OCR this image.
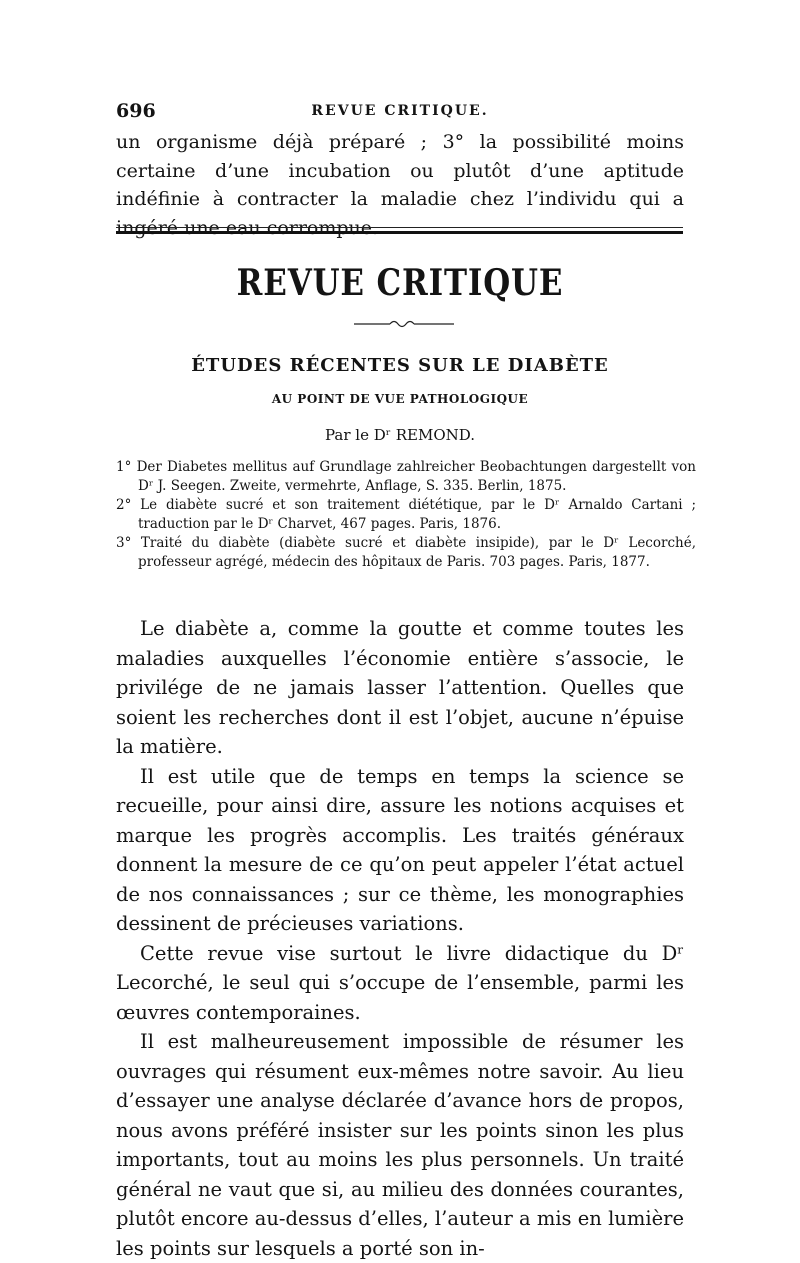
696	REVUE CRITIQUE.

un organisme déjà préparé ; 3° la possibilité moins certaine d’une incubation ou plutôt d’une aptitude indéfinie à contracter la maladie chez l’individu qui a

REVUE CRITIQUE
ÉTUDES RÉCENTES SUR LE DIABÈTE
AU POINT DE VUE PATHOLOGIQUE
Par le Dʳ REMOND.

1° Der Diabetes mellitus auf Grundlage zahlreicher Beobachtungen dargestellt von Dʳ J. Seegen. Zweite, vermehrte, Anflage, S. 335. Berlin, 1875.

2° Le diabète sucré et son traitement diététique, par le Dʳ Arnaldo Cartani ; traduction par le Dʳ Charvet, 467 pages. Paris, 1876.

3° Traité du diabète (diabète sucré et diabète insipide), par le Dʳ Lecorché, professeur agrégé, médecin des hôpitaux de Paris. 703 pages. Paris, 1877.

Le diabète a, comme la goutte et comme toutes les maladies auxquelles l’économie entière s’associe, le privilége de ne jamais lasser l’attention. Quelles que soient les recherches dont il est l’objet, aucune n’épuise la matière.

Il est utile que de temps en temps la science se recueille, pour ainsi dire, assure les notions acquises et marque les progrès accomplis. Les traités généraux donnent la mesure de ce qu’on peut appeler l’état actuel de nos connaissances ; sur ce thème, les monographies dessinent de précieuses variations.

Cette revue vise surtout le livre didactique du Dʳ Lecorché, le seul qui s’occupe de l’ensemble, parmi les œuvres contemporaines.

Il est malheureusement impossible de résumer les ouvrages qui résument eux-mêmes notre savoir. Au lieu d’essayer une analyse déclarée d’avance hors de propos, nous avons préféré insister sur les points sinon les plus importants, tout au moins les plus personnels. Un traité général ne vaut que si, au milieu des données courantes, plutôt encore au-dessus d’elles, l’auteur a mis en lumière les points sur lesquels a porté son in-
